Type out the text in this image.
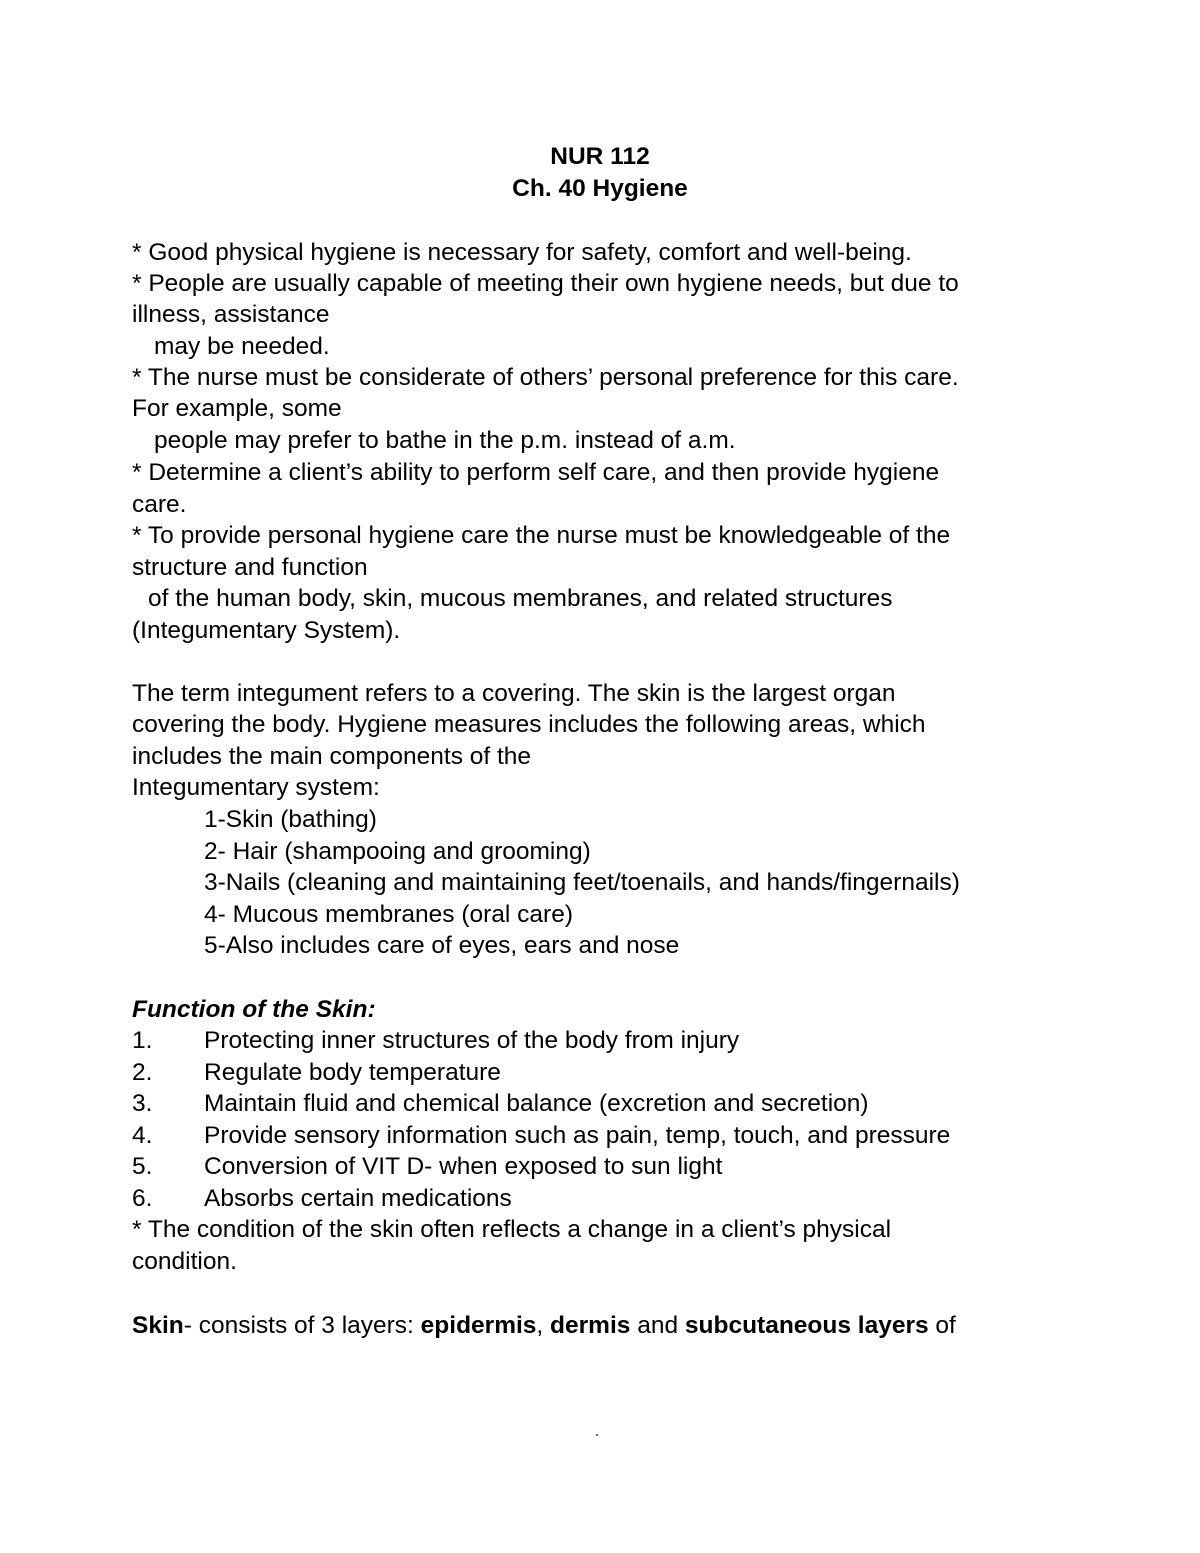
NUR 112

Ch. 40 Hygiene

* Good physical hygiene is necessary for safety, comfort and well-being.

* People are usually capable of meeting their own hygiene needs, but due to

illness, assistance

may be needed.

* The nurse must be considerate of others’ personal preference for this care.

For example, some

people may prefer to bathe in the p.m. instead of a.m.

* Determine a client’s ability to perform self care, and then provide hygiene

care.

* To provide personal hygiene care the nurse must be knowledgeable of the

structure and function

of the human body, skin, mucous membranes, and related structures

(Integumentary System).

The term integument refers to a covering. The skin is the largest organ

covering the body. Hygiene measures includes the following areas, which

includes the main components of the

Integumentary system:

1-Skin (bathing)

2- Hair (shampooing and grooming)

3-Nails (cleaning and maintaining feet/toenails, and hands/fingernails)

4- Mucous membranes (oral care)

5-Also includes care of eyes, ears and nose

Function of the Skin:

1. Protecting inner structures of the body from injury
2. Regulate body temperature
3. Maintain fluid and chemical balance (excretion and secretion)
4. Provide sensory information such as pain, temp, touch, and pressure
5. Conversion of VIT D- when exposed to sun light
6. Absorbs certain medications

* The condition of the skin often reflects a change in a client’s physical

condition.

Skin- consists of 3 layers: epidermis, dermis and subcutaneous layers of
